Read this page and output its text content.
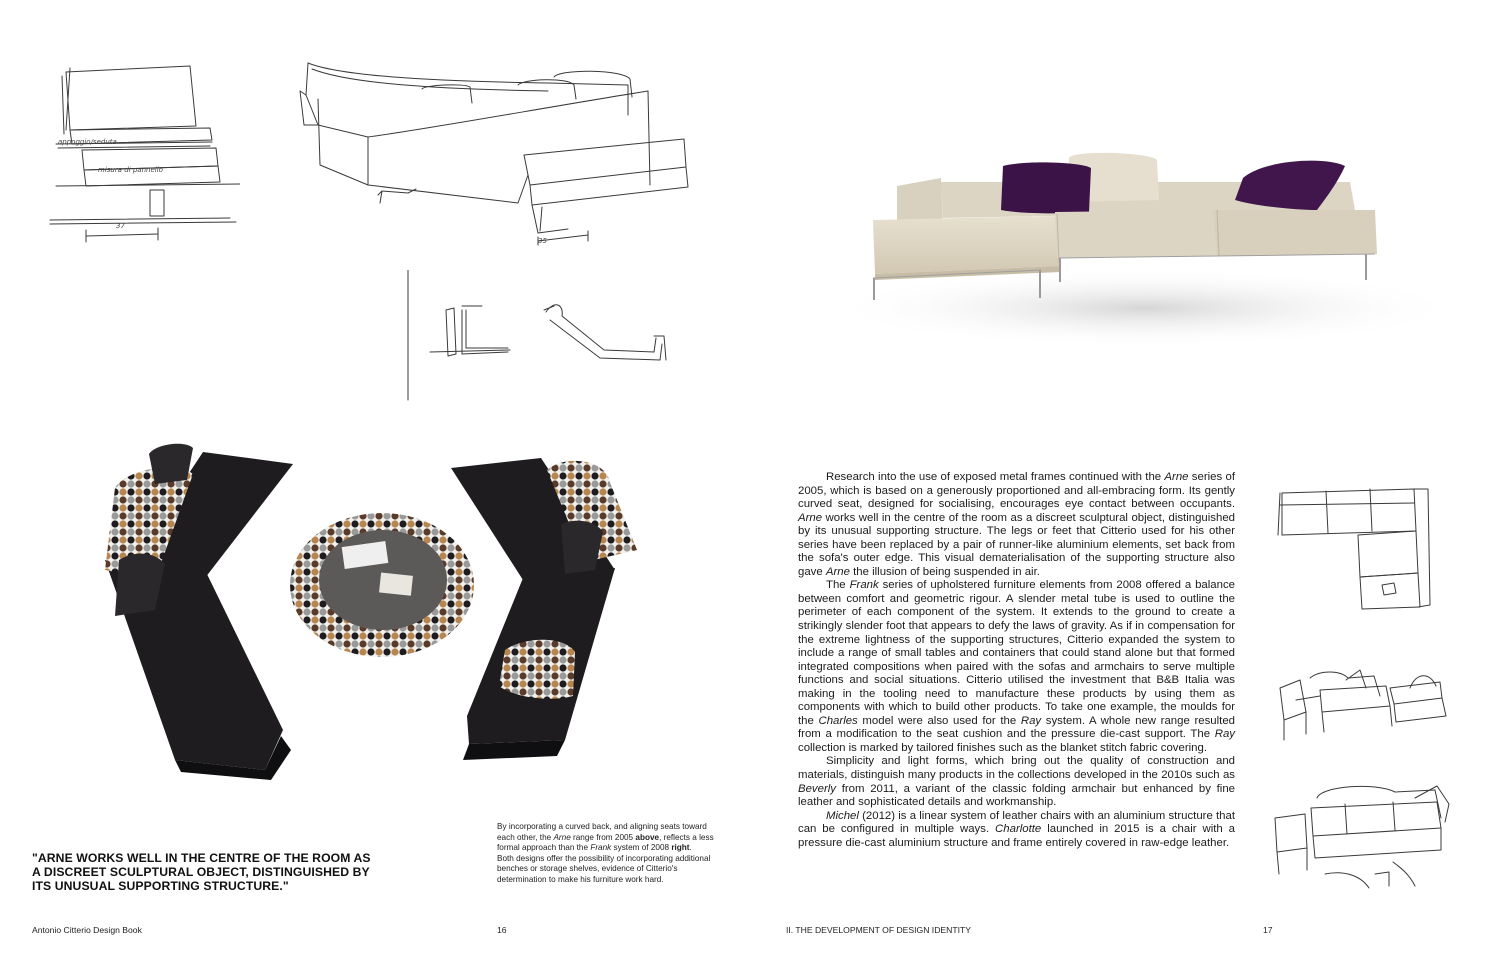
appoggio/seduta
misura di pannello
37
35

"ARNE WORKS WELL IN THE CENTRE OF THE ROOM AS A DISCREET SCULPTURAL OBJECT, DISTINGUISHED BY ITS UNUSUAL SUPPORTING STRUCTURE."

By incorporating a curved back, and aligning seats toward each other, the Arne range from 2005 above, reflects a less formal approach than the Frank system of 2008 right.

Both designs offer the possibility of incorporating additional benches or storage shelves, evidence of Citterio's determination to make his furniture work hard.

Research into the use of exposed metal frames continued with the Arne series of 2005, which is based on a generously proportioned and all-embracing form. Its gently curved seat, designed for socialising, encourages eye contact between occupants. Arne works well in the centre of the room as a discreet sculptural object, distinguished by its unusual supporting structure. The legs or feet that Citterio used for his other series have been replaced by a pair of runner-like aluminium elements, set back from the sofa's outer edge. This visual dematerialisation of the supporting structure also gave Arne the illusion of being suspended in air.

The Frank series of upholstered furniture elements from 2008 offered a balance between comfort and geometric rigour. A slender metal tube is used to outline the perimeter of each component of the system. It extends to the ground to create a strikingly slender foot that appears to defy the laws of gravity. As if in compensation for the extreme lightness of the supporting structures, Citterio expanded the system to include a range of small tables and containers that could stand alone but that formed integrated compositions when paired with the sofas and armchairs to serve multiple functions and social situations. Citterio utilised the investment that B&B Italia was making in the tooling need to manufacture these products by using them as components with which to build other products. To take one example, the moulds for the Charles model were also used for the Ray system. A whole new range resulted from a modification to the seat cushion and the pressure die-cast support. The Ray collection is marked by tailored finishes such as the blanket stitch fabric covering.

Simplicity and light forms, which bring out the quality of construction and materials, distinguish many products in the collections developed in the 2010s such as Beverly from 2011, a variant of the classic folding armchair but enhanced by fine leather and sophisticated details and workmanship.

Michel (2012) is a linear system of leather chairs with an aluminium structure that can be configured in multiple ways. Charlotte launched in 2015 is a chair with a pressure die-cast aluminium structure and frame entirely covered in raw-edge leather.

Antonio Citterio Design Book	16	II. THE DEVELOPMENT OF DESIGN IDENTITY	17
